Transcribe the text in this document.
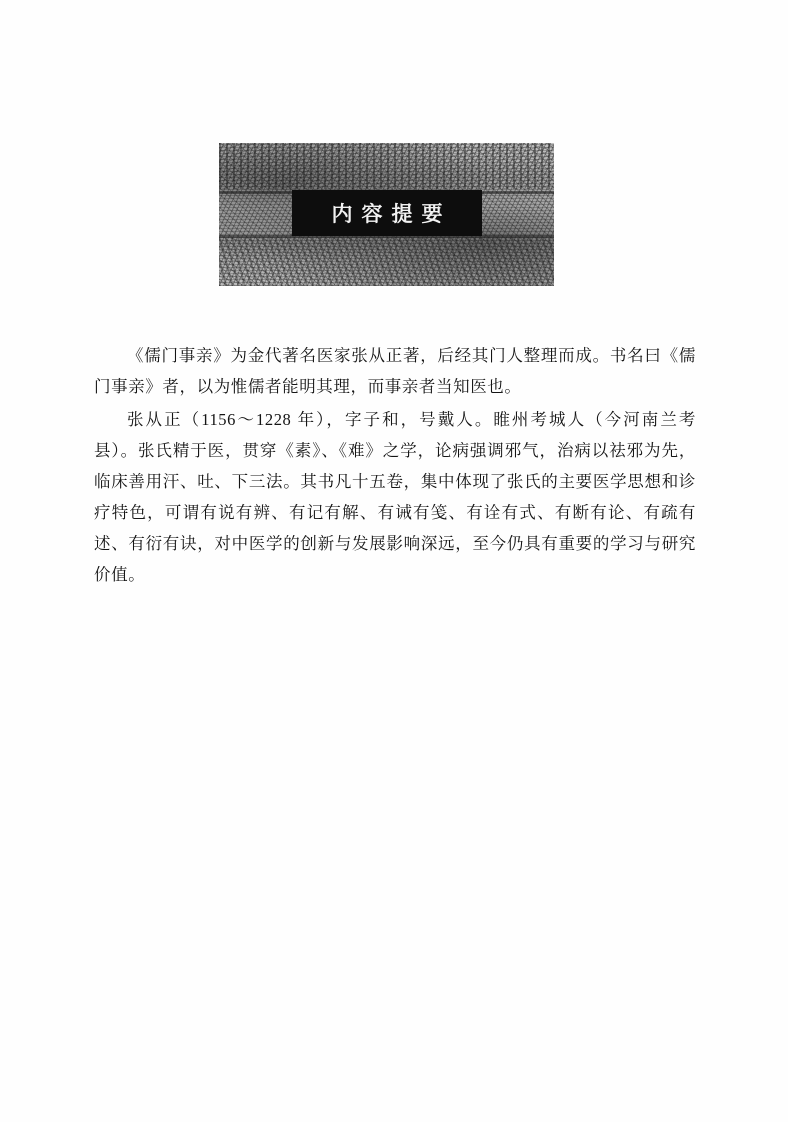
内容提要

《儒门事亲》为金代著名医家张从正著，后经其门人整理而成。书名曰《儒门事亲》者，以为惟儒者能明其理，而事亲者当知医也。

张从正（1156～1228 年），字子和，号戴人。睢州考城人（今河南兰考县）。张氏精于医，贯穿《素》、《难》之学，论病强调邪气，治病以祛邪为先，临床善用汗、吐、下三法。其书凡十五卷，集中体现了张氏的主要医学思想和诊疗特色，可谓有说有辨、有记有解、有诫有笺、有诠有式、有断有论、有疏有述、有衍有诀，对中医学的创新与发展影响深远，至今仍具有重要的学习与研究价值。
